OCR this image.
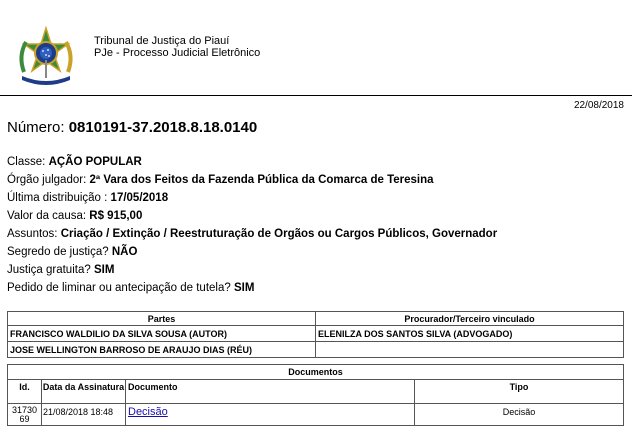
Tribunal de Justiça do Piauí
PJe - Processo Judicial Eletrônico
22/08/2018
Número: 0810191-37.2018.8.18.0140
Classe: AÇÃO POPULAR
Órgão julgador: 2ª Vara dos Feitos da Fazenda Pública da Comarca de Teresina
Última distribuição : 17/05/2018
Valor da causa: R$ 915,00
Assuntos: Criação / Extinção / Reestruturação de Orgãos ou Cargos Públicos, Governador
Segredo de justiça? NÃO
Justiça gratuita? SIM
Pedido de liminar ou antecipação de tutela? SIM
Partes	Procurador/Terceiro vinculado
FRANCISCO WALDILIO DA SILVA SOUSA (AUTOR)	ELENILZA DOS SANTOS SILVA (ADVOGADO)
JOSE WELLINGTON BARROSO DE ARAUJO DIAS (RÉU)	
Documentos			
Id.	Data da Assinatura	Documento	Tipo

31730
69	21/08/2018 18:48	Decisão	Decisão
